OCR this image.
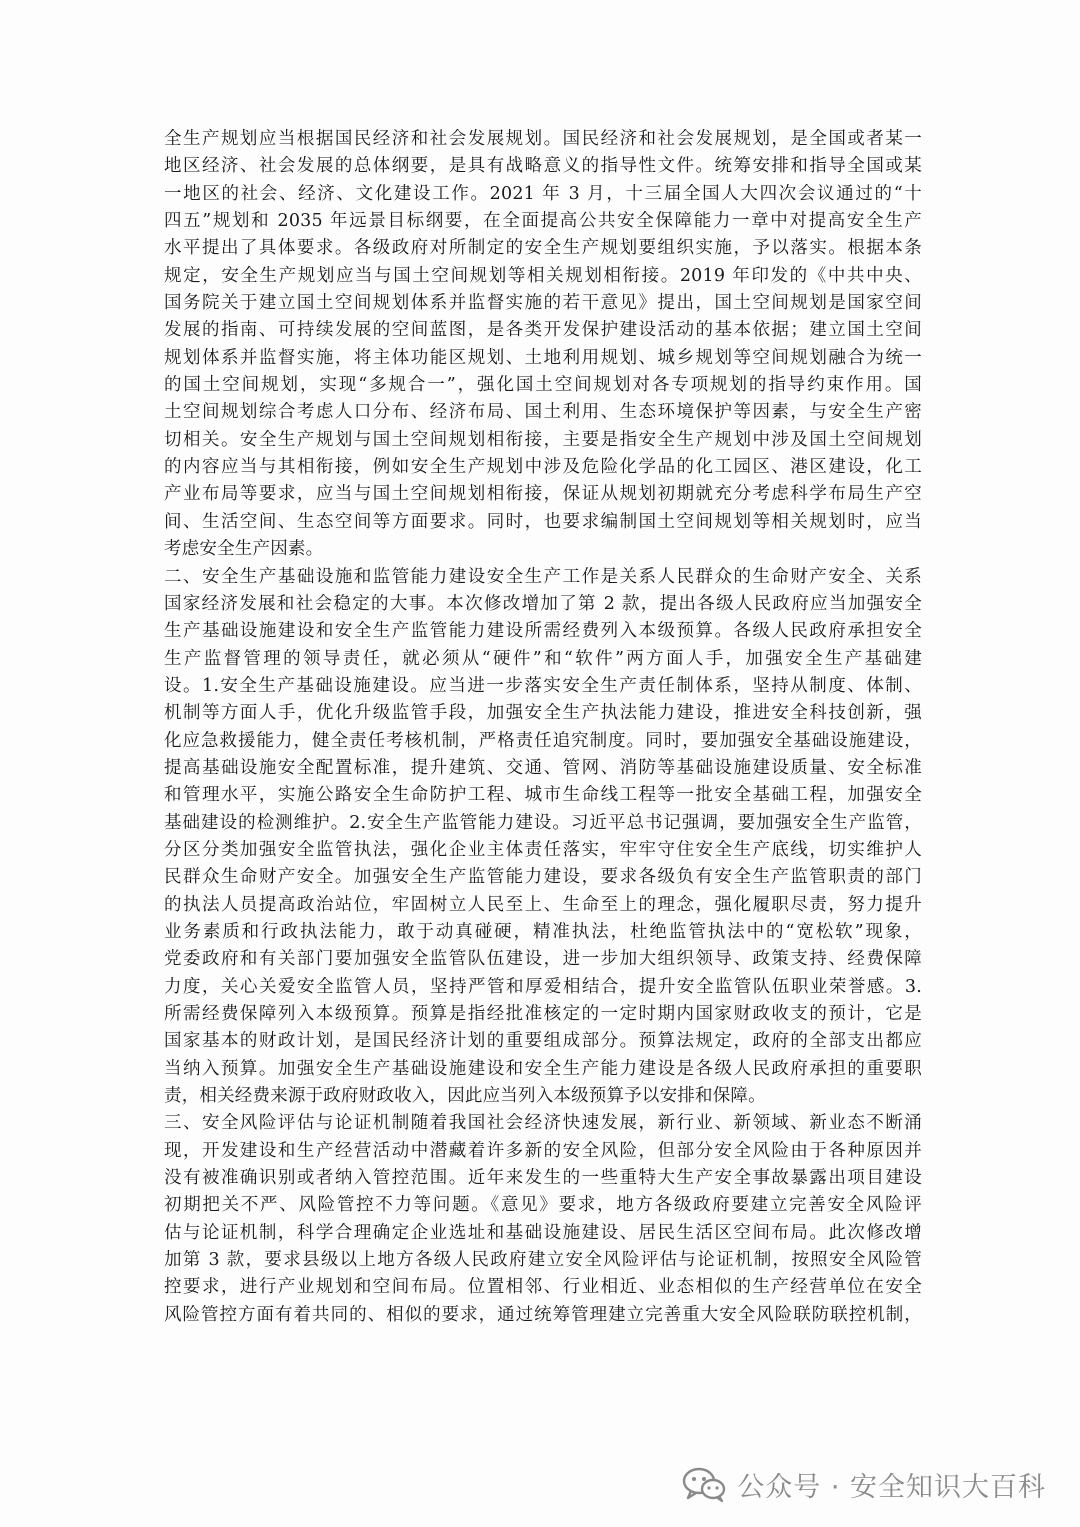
全生产规划应当根据国民经济和社会发展规划。国民经济和社会发展规划，是全国或者某一
地区经济、社会发展的总体纲要，是具有战略意义的指导性文件。统筹安排和指导全国或某
一地区的社会、经济、文化建设工作。2021 年 3 月，十三届全国人大四次会议通过的“十
四五”规划和 2035 年远景目标纲要，在全面提高公共安全保障能力一章中对提高安全生产
水平提出了具体要求。各级政府对所制定的安全生产规划要组织实施，予以落实。根据本条
规定，安全生产规划应当与国土空间规划等相关规划相衔接。2019 年印发的《中共中央、
国务院关于建立国土空间规划体系并监督实施的若干意见》提出，国土空间规划是国家空间
发展的指南、可持续发展的空间蓝图，是各类开发保护建设活动的基本依据；建立国土空间
规划体系并监督实施，将主体功能区规划、土地利用规划、城乡规划等空间规划融合为统一
的国土空间规划，实现“多规合一”，强化国土空间规划对各专项规划的指导约束作用。国
土空间规划综合考虑人口分布、经济布局、国土利用、生态环境保护等因素，与安全生产密
切相关。安全生产规划与国土空间规划相衔接，主要是指安全生产规划中涉及国土空间规划
的内容应当与其相衔接，例如安全生产规划中涉及危险化学品的化工园区、港区建设，化工
产业布局等要求，应当与国土空间规划相衔接，保证从规划初期就充分考虑科学布局生产空
间、生活空间、生态空间等方面要求。同时，也要求编制国土空间规划等相关规划时，应当
考虑安全生产因素。
二、安全生产基础设施和监管能力建设安全生产工作是关系人民群众的生命财产安全、关系
国家经济发展和社会稳定的大事。本次修改增加了第 2 款，提出各级人民政府应当加强安全
生产基础设施建设和安全生产监管能力建设所需经费列入本级预算。各级人民政府承担安全
生产监督管理的领导责任，就必须从“硬件”和“软件”两方面人手，加强安全生产基础建
设。1.安全生产基础设施建设。应当进一步落实安全生产责任制体系，坚持从制度、体制、
机制等方面人手，优化升级监管手段，加强安全生产执法能力建设，推进安全科技创新，强
化应急救援能力，健全责任考核机制，严格责任追究制度。同时，要加强安全基础设施建设，
提高基础设施安全配置标准，提升建筑、交通、管网、消防等基础设施建设质量、安全标准
和管理水平，实施公路安全生命防护工程、城市生命线工程等一批安全基础工程，加强安全
基础建设的检测维护。2.安全生产监管能力建设。习近平总书记强调，要加强安全生产监管，
分区分类加强安全监管执法，强化企业主体责任落实，牢牢守住安全生产底线，切实维护人
民群众生命财产安全。加强安全生产监管能力建设，要求各级负有安全生产监管职责的部门
的执法人员提高政治站位，牢固树立人民至上、生命至上的理念，强化履职尽责，努力提升
业务素质和行政执法能力，敢于动真碰硬，精准执法，杜绝监管执法中的“宽松软”现象，
党委政府和有关部门要加强安全监管队伍建设，进一步加大组织领导、政策支持、经费保障
力度，关心关爱安全监管人员，坚持严管和厚爱相结合，提升安全监管队伍职业荣誉感。3.
所需经费保障列入本级预算。预算是指经批准核定的一定时期内国家财政收支的预计，它是
国家基本的财政计划，是国民经济计划的重要组成部分。预算法规定，政府的全部支出都应
当纳入预算。加强安全生产基础设施建设和安全生产能力建设是各级人民政府承担的重要职
责，相关经费来源于政府财政收入，因此应当列入本级预算予以安排和保障。
三、安全风险评估与论证机制随着我国社会经济快速发展，新行业、新领域、新业态不断涌
现，开发建设和生产经营活动中潜藏着许多新的安全风险，但部分安全风险由于各种原因并
没有被准确识别或者纳入管控范围。近年来发生的一些重特大生产安全事故暴露出项目建设
初期把关不严、风险管控不力等问题。《意见》要求，地方各级政府要建立完善安全风险评
估与论证机制，科学合理确定企业选址和基础设施建设、居民生活区空间布局。此次修改增
加第 3 款，要求县级以上地方各级人民政府建立安全风险评估与论证机制，按照安全风险管
控要求，进行产业规划和空间布局。位置相邻、行业相近、业态相似的生产经营单位在安全
风险管控方面有着共同的、相似的要求，通过统筹管理建立完善重大安全风险联防联控机制，
公众号 · 安全知识大百科
